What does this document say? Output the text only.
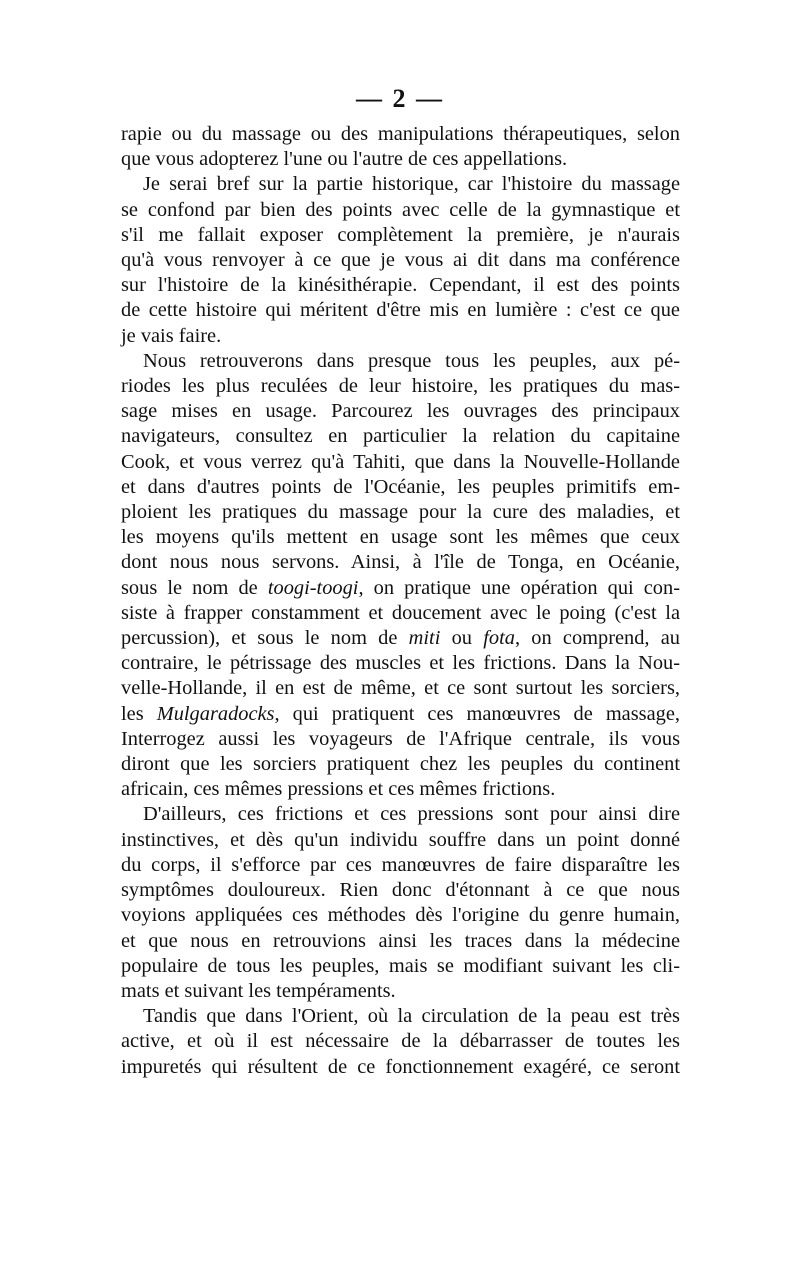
— 2 —
rapie ou du massage ou des manipulations thérapeutiques, selon
que vous adopterez l'une ou l'autre de ces appellations.
Je serai bref sur la partie historique, car l'histoire du massage
se confond par bien des points avec celle de la gymnastique et
s'il me fallait exposer complètement la première, je n'aurais
qu'à vous renvoyer à ce que je vous ai dit dans ma conférence
sur l'histoire de la kinésithérapie. Cependant, il est des points
de cette histoire qui méritent d'être mis en lumière : c'est ce que
je vais faire.
Nous retrouverons dans presque tous les peuples, aux pé-
riodes les plus reculées de leur histoire, les pratiques du mas-
sage mises en usage. Parcourez les ouvrages des principaux
navigateurs, consultez en particulier la relation du capitaine
Cook, et vous verrez qu'à Tahiti, que dans la Nouvelle-Hollande
et dans d'autres points de l'Océanie, les peuples primitifs em-
ploient les pratiques du massage pour la cure des maladies, et
les moyens qu'ils mettent en usage sont les mêmes que ceux
dont nous nous servons. Ainsi, à l'île de Tonga, en Océanie,
sous le nom de toogi-toogi, on pratique une opération qui con-
siste à frapper constamment et doucement avec le poing (c'est la
percussion), et sous le nom de miti ou fota, on comprend, au
contraire, le pétrissage des muscles et les frictions. Dans la Nou-
velle-Hollande, il en est de même, et ce sont surtout les sorciers,
les Mulgaradocks, qui pratiquent ces manœuvres de massage,
Interrogez aussi les voyageurs de l'Afrique centrale, ils vous
diront que les sorciers pratiquent chez les peuples du continent
africain, ces mêmes pressions et ces mêmes frictions.
D'ailleurs, ces frictions et ces pressions sont pour ainsi dire
instinctives, et dès qu'un individu souffre dans un point donné
du corps, il s'efforce par ces manœuvres de faire disparaître les
symptômes douloureux. Rien donc d'étonnant à ce que nous
voyions appliquées ces méthodes dès l'origine du genre humain,
et que nous en retrouvions ainsi les traces dans la médecine
populaire de tous les peuples, mais se modifiant suivant les cli-
mats et suivant les tempéraments.
Tandis que dans l'Orient, où la circulation de la peau est très
active, et où il est nécessaire de la débarrasser de toutes les
impuretés qui résultent de ce fonctionnement exagéré, ce seront
